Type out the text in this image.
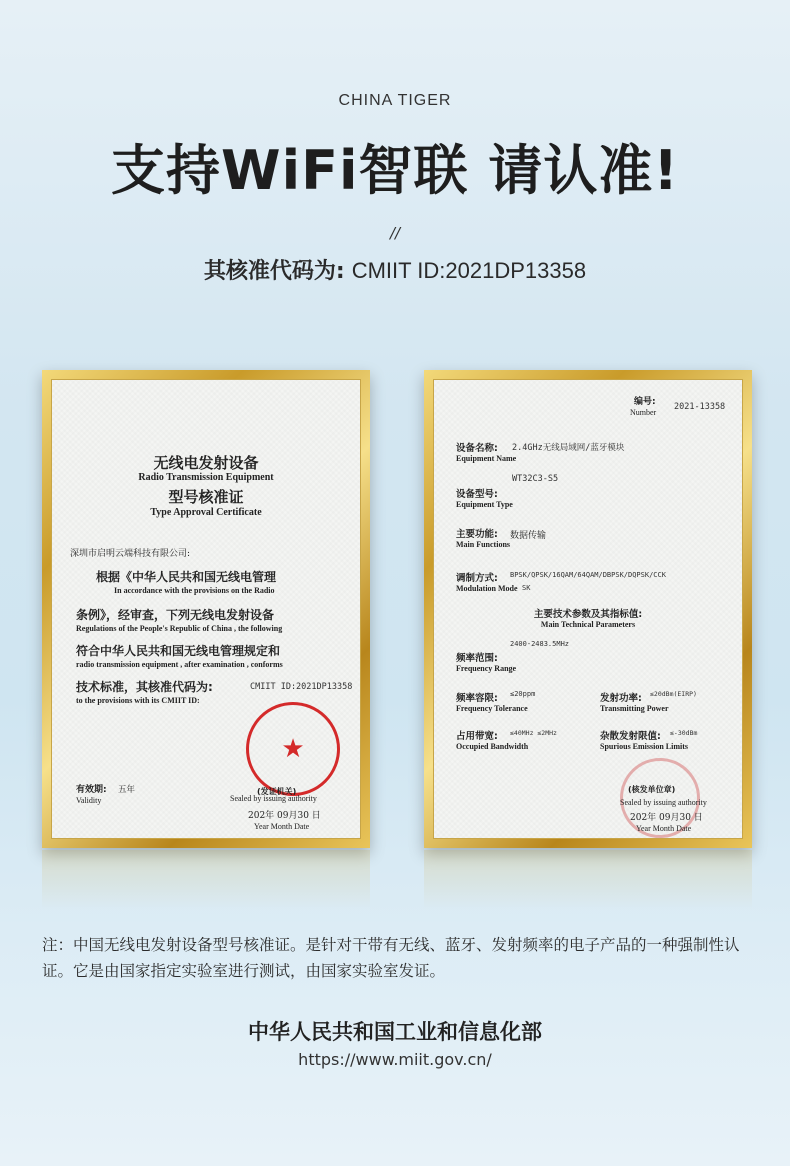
CHINA TIGER
支持WiFi智联 请认准!
//
其核准代码为: CMIIT ID:2021DP13358
无线电发射设备
Radio Transmission Equipment
型号核准证
Type Approval Certificate
深圳市启明云端科技有限公司:
根据《中华人民共和国无线电管理
In accordance with the provisions on the Radio
条例》，经审查，下列无线电发射设备
Regulations of the People's Republic of China , the following
符合中华人民共和国无线电管理规定和
radio transmission equipment , after examination , conforms
技术标准，其核准代码为:	CMIIT ID:2021DP13358
to the provisions with its CMIIT ID:
★
(发证机关)
有效期: 五年
Validity	Sealed by issuing authority
202年 09月30 日
Year Month Date
编号: 2021-13358
Number
设备名称: 2.4GHz无线局域网/蓝牙模块
Equipment Name
WT32C3-S5
设备型号:
Equipment Type
主要功能: 数据传输
Main Functions
调制方式: BPSK/QPSK/16QAM/64QAM/DBPSK/DQPSK/CCK
Modulation Mode SK
主要技术参数及其指标值:
Main Technical Parameters
2400-2483.5MHz
频率范围:
Frequency Range
频率容限: ≤20ppm
Frequency Tolerance
发射功率: ≤20dBm(EIRP)
Transmitting Power
占用带宽: ≤40MHz ≤2MHz
Occupied Bandwidth
杂散发射限值: ≤-30dBm
Spurious Emission Limits
(核发单位章)
Sealed by issuing authority
202年 09月30 日
Year Month Date
注：中国无线电发射设备型号核准证。是针对干带有无线、蓝牙、发射频率的电子产品的一种强制性认证。它是由国家指定实验室进行测试，由国家实验室发证。
中华人民共和国工业和信息化部
https://www.miit.gov.cn/
